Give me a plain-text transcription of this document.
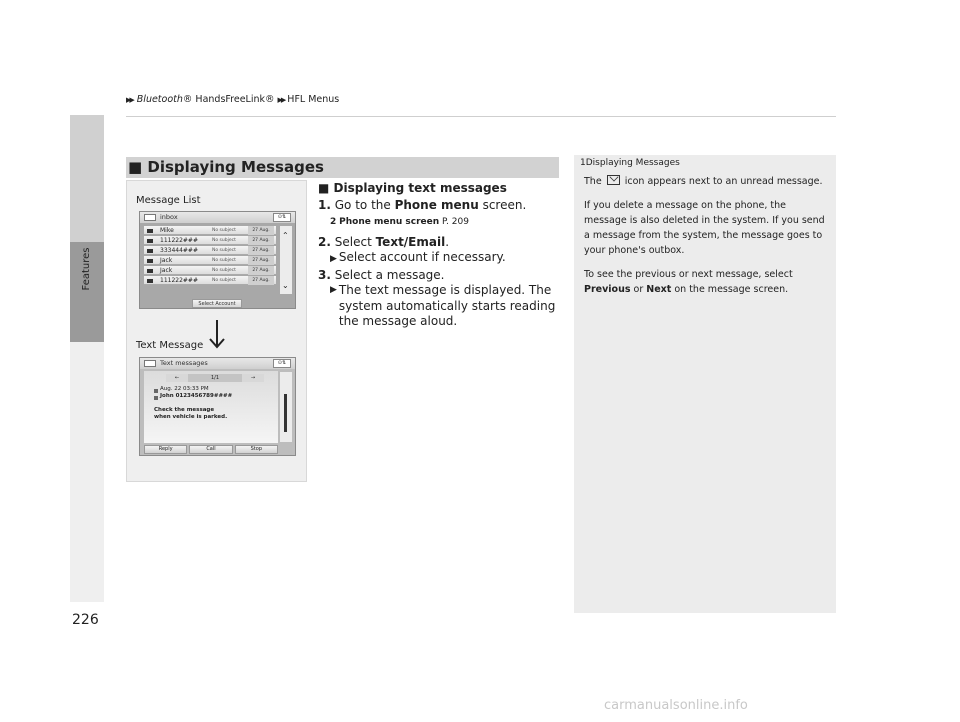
▶▶ Bluetooth® HandsFreeLink® ▶▶ HFL Menus
Features
226
■ Displaying Messages
Message List
inbox	⊙⇅
Mike	No subject	27 Aug.
111222###	No subject	27 Aug.
333444###	No subject	27 Aug.
Jack	No subject	27 Aug.
Jack	No subject	27 Aug.
111222###	No subject	27 Aug.
⌃
⌄
Select Account
Text Message
Text messages	⊙⇅
←	1/1	→
Aug. 22 03:33 PM
John 0123456789####
Check the message
when vehicle is parked.
Reply	Call	Stop
■ Displaying text messages
1. Go to the Phone menu screen.
2 Phone menu screen P. 209
2. Select Text/Email.
▶ Select account if necessary.
3. Select a message.
▶ The text message is displayed. The system automatically starts reading the message aloud.
1Displaying Messages

The icon appears next to an unread message.

If you delete a message on the phone, the message is also deleted in the system. If you send a message from the system, the message goes to your phone's outbox.

To see the previous or next message, select Previous or Next on the message screen.

carmanualsonline.info
